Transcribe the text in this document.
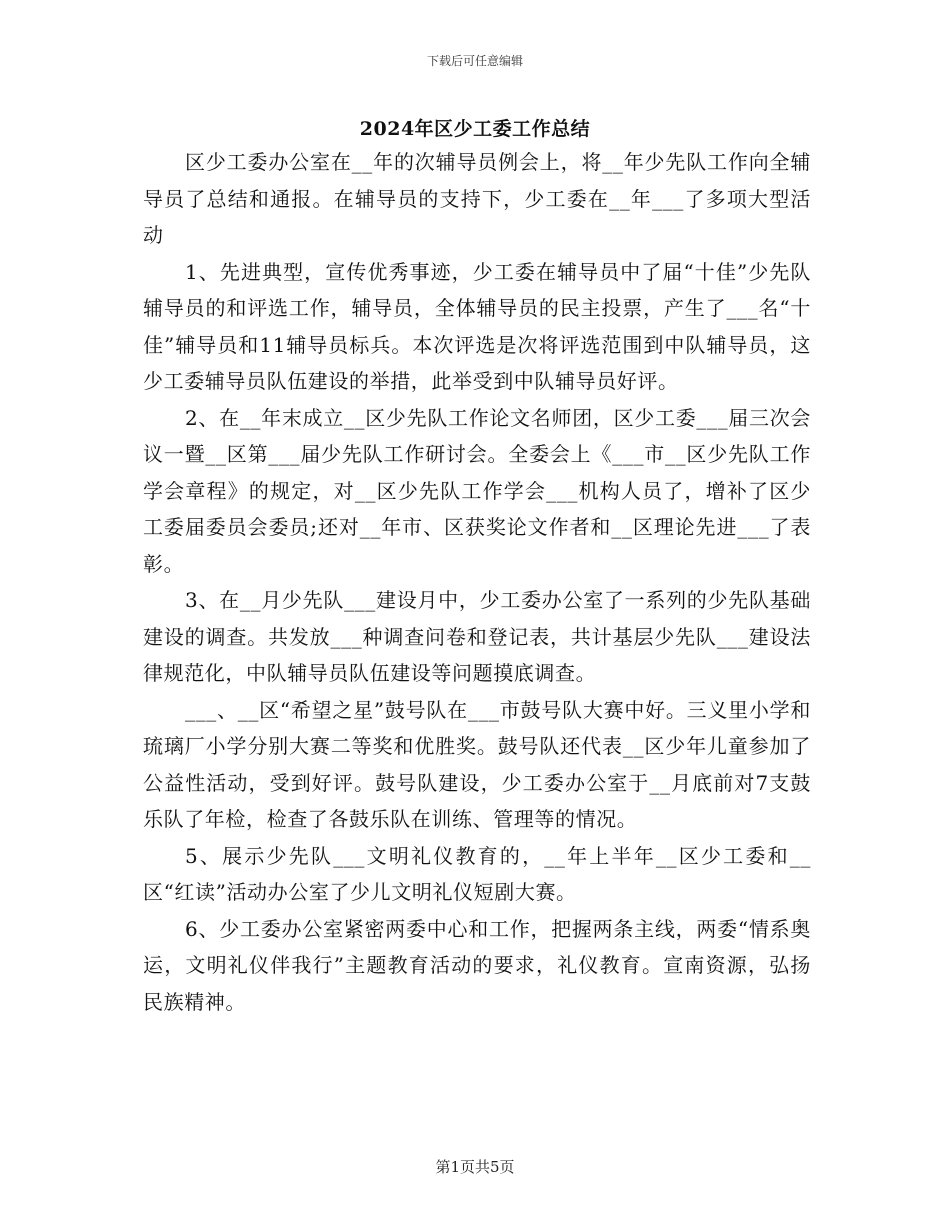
下载后可任意编辑
2024年区少工委工作总结

区少工委办公室在__年的次辅导员例会上，将__年少先队工作向全辅导员了总结和通报。在辅导员的支持下，少工委在__年___了多项大型活动

1、先进典型，宣传优秀事迹，少工委在辅导员中了届“十佳”少先队辅导员的和评选工作，辅导员，全体辅导员的民主投票，产生了___名“十佳”辅导员和11辅导员标兵。本次评选是次将评选范围到中队辅导员，这少工委辅导员队伍建设的举措，此举受到中队辅导员好评。

2、在__年末成立__区少先队工作论文名师团，区少工委___届三次会议一暨__区第___届少先队工作研讨会。全委会上《___市__区少先队工作学会章程》的规定，对__区少先队工作学会___机构人员了，增补了区少工委届委员会委员;还对__年市、区获奖论文作者和__区理论先进___了表彰。

3、在__月少先队___建设月中，少工委办公室了一系列的少先队基础建设的调查。共发放___种调查问卷和登记表，共计基层少先队___建设法律规范化，中队辅导员队伍建设等问题摸底调查。

___、__区“希望之星”鼓号队在___市鼓号队大赛中好。三义里小学和琉璃厂小学分别大赛二等奖和优胜奖。鼓号队还代表__区少年儿童参加了公益性活动，受到好评。鼓号队建设，少工委办公室于__月底前对7支鼓乐队了年检，检查了各鼓乐队在训练、管理等的情况。

5、展示少先队___文明礼仪教育的，__年上半年__区少工委和__区“红读”活动办公室了少儿文明礼仪短剧大赛。

6、少工委办公室紧密两委中心和工作，把握两条主线，两委“情系奥运，文明礼仪伴我行”主题教育活动的要求，礼仪教育。宣南资源，弘扬民族精神。

第1页共5页
